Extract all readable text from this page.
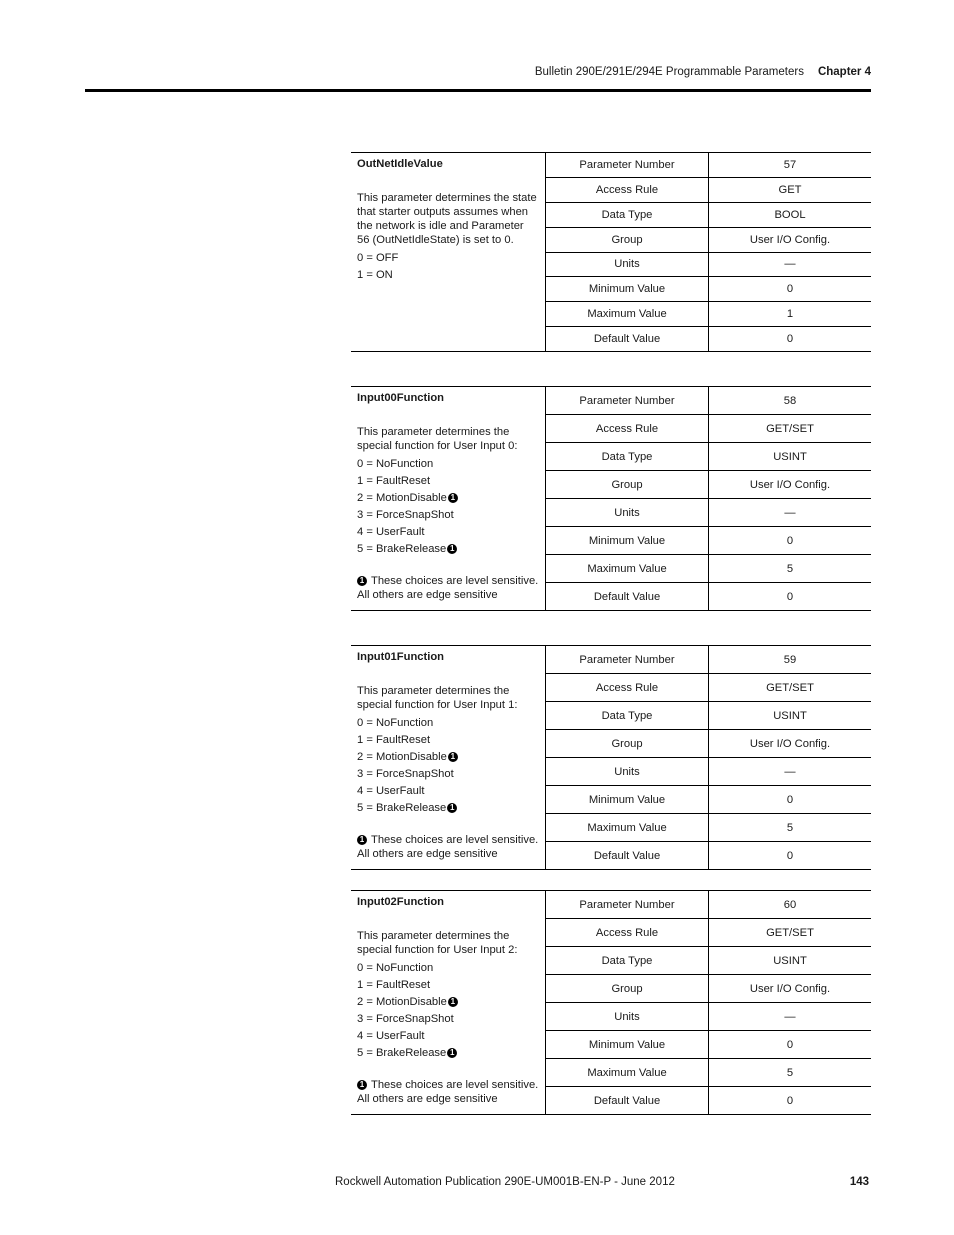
Bulletin 290E/291E/294E Programmable Parameters Chapter 4
OutNetIdleValue
This parameter determines the state that starter outputs assumes when the network is idle and Parameter 56 (OutNetIdleState) is set to 0.
0 = OFF
1 = ON
Parameter Number	57
Access Rule	GET
Data Type	BOOL
Group	User I/O Config.
Units	—
Minimum Value	0
Maximum Value	1
Default Value	0
Input00Function
This parameter determines the special function for User Input 0:
0 = NoFunction
1 = FaultReset
2 = MotionDisable 1
3 = ForceSnapShot
4 = UserFault
5 = BrakeRelease 1
1 These choices are level sensitive. All others are edge sensitive
Parameter Number	58
Access Rule	GET/SET
Data Type	USINT
Group	User I/O Config.
Units	—
Minimum Value	0
Maximum Value	5
Default Value	0
Input01Function
This parameter determines the special function for User Input 1:
0 = NoFunction
1 = FaultReset
2 = MotionDisable 1
3 = ForceSnapShot
4 = UserFault
5 = BrakeRelease 1
1 These choices are level sensitive. All others are edge sensitive
Parameter Number	59
Access Rule	GET/SET
Data Type	USINT
Group	User I/O Config.
Units	—
Minimum Value	0
Maximum Value	5
Default Value	0
Input02Function
This parameter determines the special function for User Input 2:
0 = NoFunction
1 = FaultReset
2 = MotionDisable 1
3 = ForceSnapShot
4 = UserFault
5 = BrakeRelease 1
1 These choices are level sensitive. All others are edge sensitive
Parameter Number	60
Access Rule	GET/SET
Data Type	USINT
Group	User I/O Config.
Units	—
Minimum Value	0
Maximum Value	5
Default Value	0
Rockwell Automation Publication 290E-UM001B-EN-P - June 2012	143
